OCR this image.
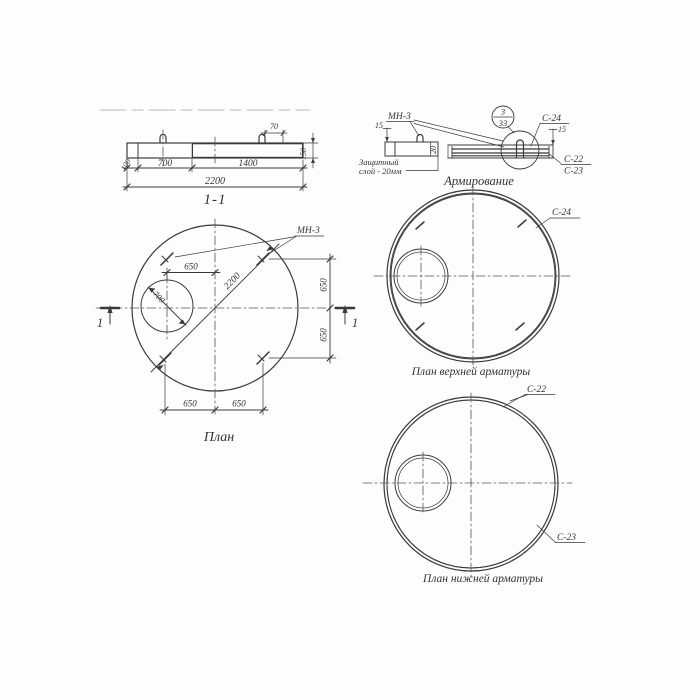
70
150
100	700	1400
2200
1-1
15
20
МН-3
Защитный
слой - 20мм
3
33	С-24
15
С-22
С-23
Армирование
МН-3
2200
700
650
650
650
650	650
1	1
План
С-24
План верхней арматуры
С-22
С-23
План нижней арматуры
